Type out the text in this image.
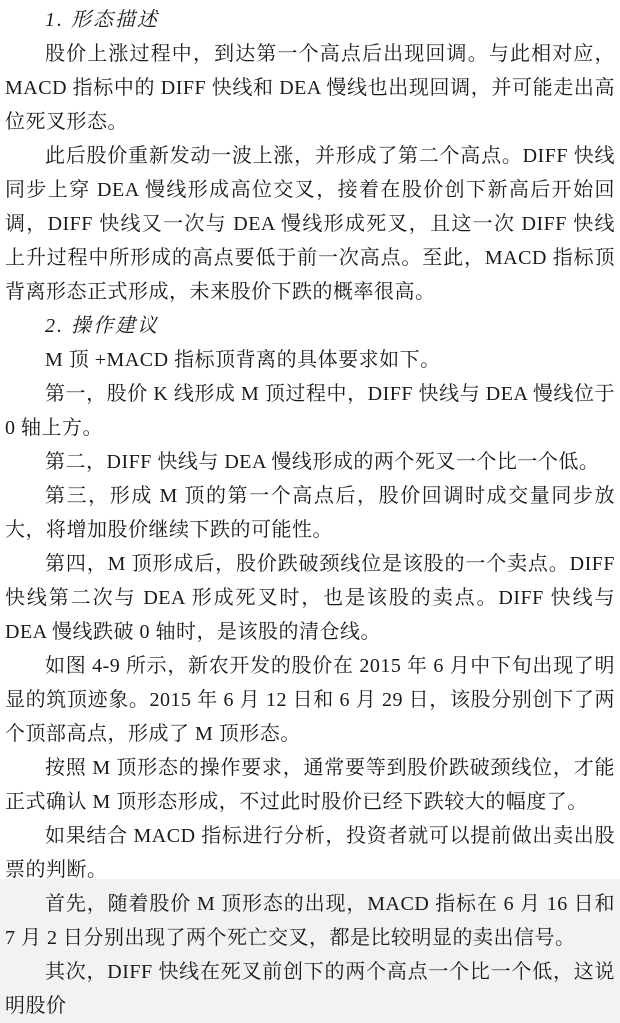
1. 形态描述

股价上涨过程中，到达第一个高点后出现回调。与此相对应，MACD 指标中的 DIFF 快线和 DEA 慢线也出现回调，并可能走出高位死叉形态。

此后股价重新发动一波上涨，并形成了第二个高点。DIFF 快线同步上穿 DEA 慢线形成高位交叉，接着在股价创下新高后开始回调，DIFF 快线又一次与 DEA 慢线形成死叉，且这一次 DIFF 快线上升过程中所形成的高点要低于前一次高点。至此，MACD 指标顶背离形态正式形成，未来股价下跌的概率很高。

2. 操作建议

M 顶 +MACD 指标顶背离的具体要求如下。

第一，股价 K 线形成 M 顶过程中，DIFF 快线与 DEA 慢线位于 0 轴上方。

第二，DIFF 快线与 DEA 慢线形成的两个死叉一个比一个低。

第三，形成 M 顶的第一个高点后，股价回调时成交量同步放大，将增加股价继续下跌的可能性。

第四，M 顶形成后，股价跌破颈线位是该股的一个卖点。DIFF 快线第二次与 DEA 形成死叉时，也是该股的卖点。DIFF 快线与 DEA 慢线跌破 0 轴时，是该股的清仓线。

如图 4-9 所示，新农开发的股价在 2015 年 6 月中下旬出现了明显的筑顶迹象。2015 年 6 月 12 日和 6 月 29 日，该股分别创下了两个顶部高点，形成了 M 顶形态。

按照 M 顶形态的操作要求，通常要等到股价跌破颈线位，才能正式确认 M 顶形态形成，不过此时股价已经下跌较大的幅度了。

如果结合 MACD 指标进行分析，投资者就可以提前做出卖出股票的判断。

首先，随着股价 M 顶形态的出现，MACD 指标在 6 月 16 日和 7 月 2 日分别出现了两个死亡交叉，都是比较明显的卖出信号。

其次，DIFF 快线在死叉前创下的两个高点一个比一个低，这说明股价
